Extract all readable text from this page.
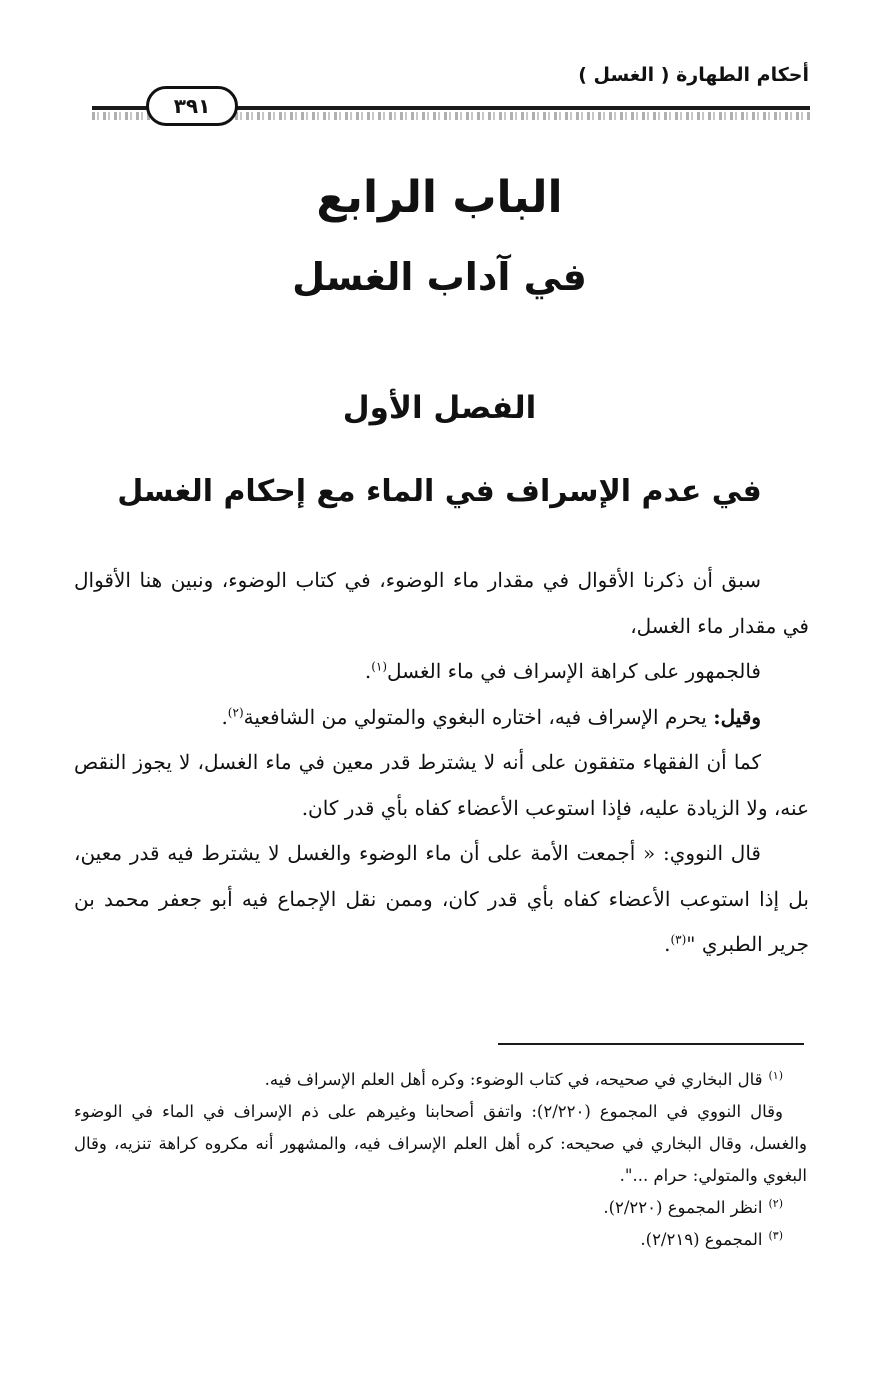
أحكام الطهارة ( الغسل )
٣٩١
الباب الرابع
في آداب الغسل
الفصل الأول
في عدم الإسراف في الماء مع إحكام الغسل

سبق أن ذكرنا الأقوال في مقدار ماء الوضوء، في كتاب الوضوء، ونبين هنا الأقوال في مقدار ماء الغسل،

فالجمهور على كراهة الإسراف في ماء الغسل$^{(١)}$.

وقيل: يحرم الإسراف فيه، اختاره البغوي والمتولي من الشافعية$^{(٢)}$.

كما أن الفقهاء متفقون على أنه لا يشترط قدر معين في ماء الغسل، لا يجوز النقص عنه، ولا الزيادة عليه، فإذا استوعب الأعضاء كفاه بأي قدر كان.

قال النووي: « أجمعت الأمة على أن ماء الوضوء والغسل لا يشترط فيه قدر معين، بل إذا استوعب الأعضاء كفاه بأي قدر كان، وممن نقل الإجماع فيه أبو جعفر محمد بن جرير الطبري "$^{(٣)}$.

$^{(١)}$قال البخاري في صحيحه، في كتاب الوضوء: وكره أهل العلم الإسراف فيه.

وقال النووي في المجموع (٢/٢٢٠): واتفق أصحابنا وغيرهم على ذم الإسراف في الماء في الوضوء والغسل، وقال البخاري في صحيحه: كره أهل العلم الإسراف فيه، والمشهور أنه مكروه كراهة تنزيه، وقال البغوي والمتولي: حرام ...".

$^{(٢)}$انظر المجموع (٢/٢٢٠).

$^{(٣)}$المجموع (٢/٢١٩).
